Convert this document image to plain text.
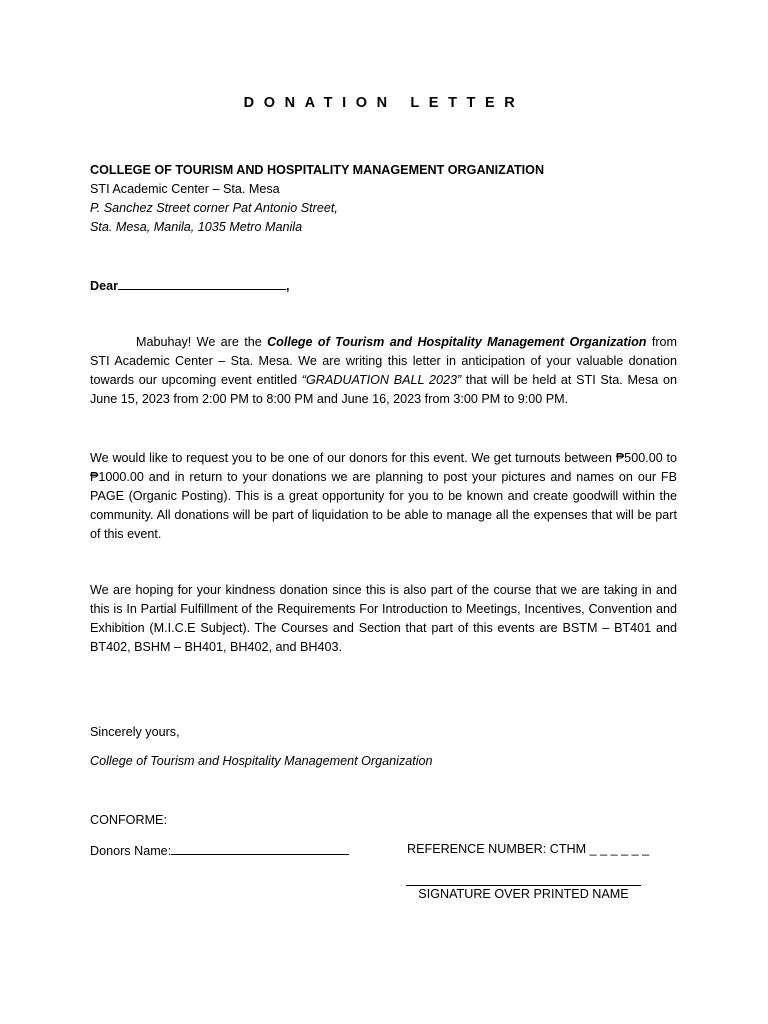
DONATION LETTER
COLLEGE OF TOURISM AND HOSPITALITY MANAGEMENT ORGANIZATION
STI Academic Center – Sta. Mesa
P. Sanchez Street corner Pat Antonio Street,
Sta. Mesa, Manila, 1035 Metro Manila
Dear	,

Mabuhay! We are the College of Tourism and Hospitality Management Organization from STI Academic Center – Sta. Mesa. We are writing this letter in anticipation of your valuable donation towards our upcoming event entitled “GRADUATION BALL 2023” that will be held at STI Sta. Mesa on June 15, 2023 from 2:00 PM to 8:00 PM and June 16, 2023 from 3:00 PM to 9:00 PM.

We would like to request you to be one of our donors for this event. We get turnouts between ₱500.00 to ₱1000.00 and in return to your donations we are planning to post your pictures and names on our FB PAGE (Organic Posting). This is a great opportunity for you to be known and create goodwill within the community. All donations will be part of liquidation to be able to manage all the expenses that will be part of this event.

We are hoping for your kindness donation since this is also part of the course that we are taking in and this is In Partial Fulfillment of the Requirements For Introduction to Meetings, Incentives, Convention and Exhibition (M.I.C.E Subject). The Courses and Section that part of this events are BSTM – BT401 and BT402, BSHM – BH401, BH402, and BH403.

Sincerely yours,
College of Tourism and Hospitality Management Organization
CONFORME:
Donors Name:	REFERENCE NUMBER: CTHM _ _ _ _ _ _
SIGNATURE OVER PRINTED NAME
